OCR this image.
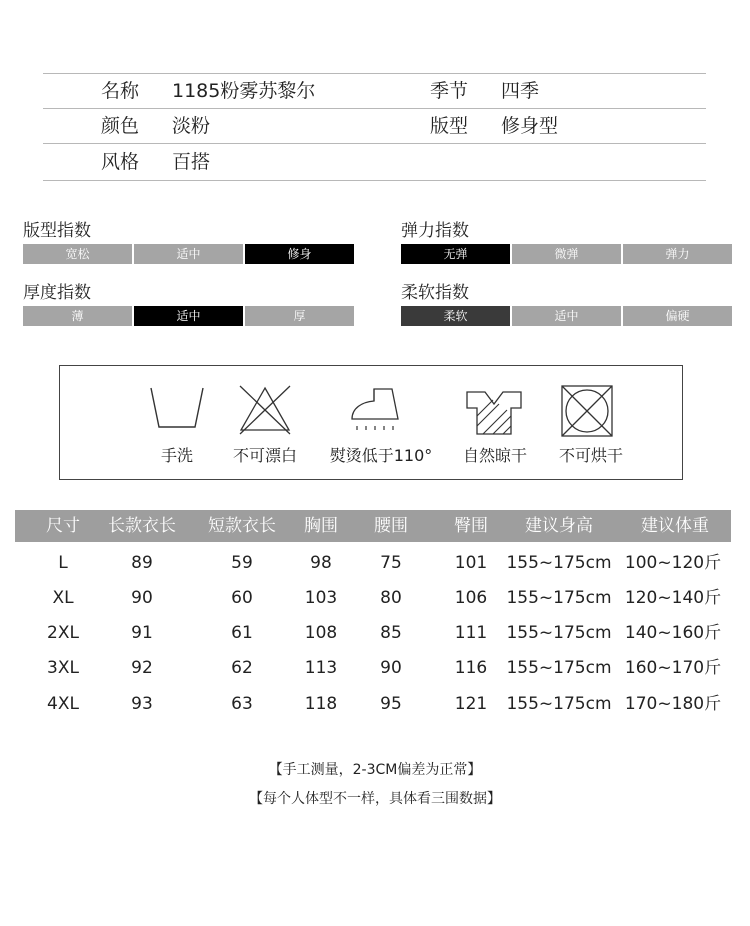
名称 1185粉雾苏黎尔	季节 四季
颜色 淡粉	版型 修身型
风格 百搭
版型指数
宽松	适中	修身
弹力指数
无弹	微弹	弹力
厚度指数
薄	适中	厚
柔软指数
柔软	适中	偏硬
手洗 不可漂白 熨烫低于110° 自然晾干 不可烘干
尺寸 长款衣长 短款衣长 胸围 腰围	臀围 建议身高	建议体重
L	89	59	98	75	101 155~175cm 100~120斤
XL	90	60	103	80	106 155~175cm 120~140斤
2XL	91	61	108	85	111 155~175cm 140~160斤
3XL	92	62	113	90	116 155~175cm 160~170斤
4XL	93	63	118	95	121 155~175cm 170~180斤
【手工测量，2-3CM偏差为正常】
【每个人体型不一样，具体看三围数据】
